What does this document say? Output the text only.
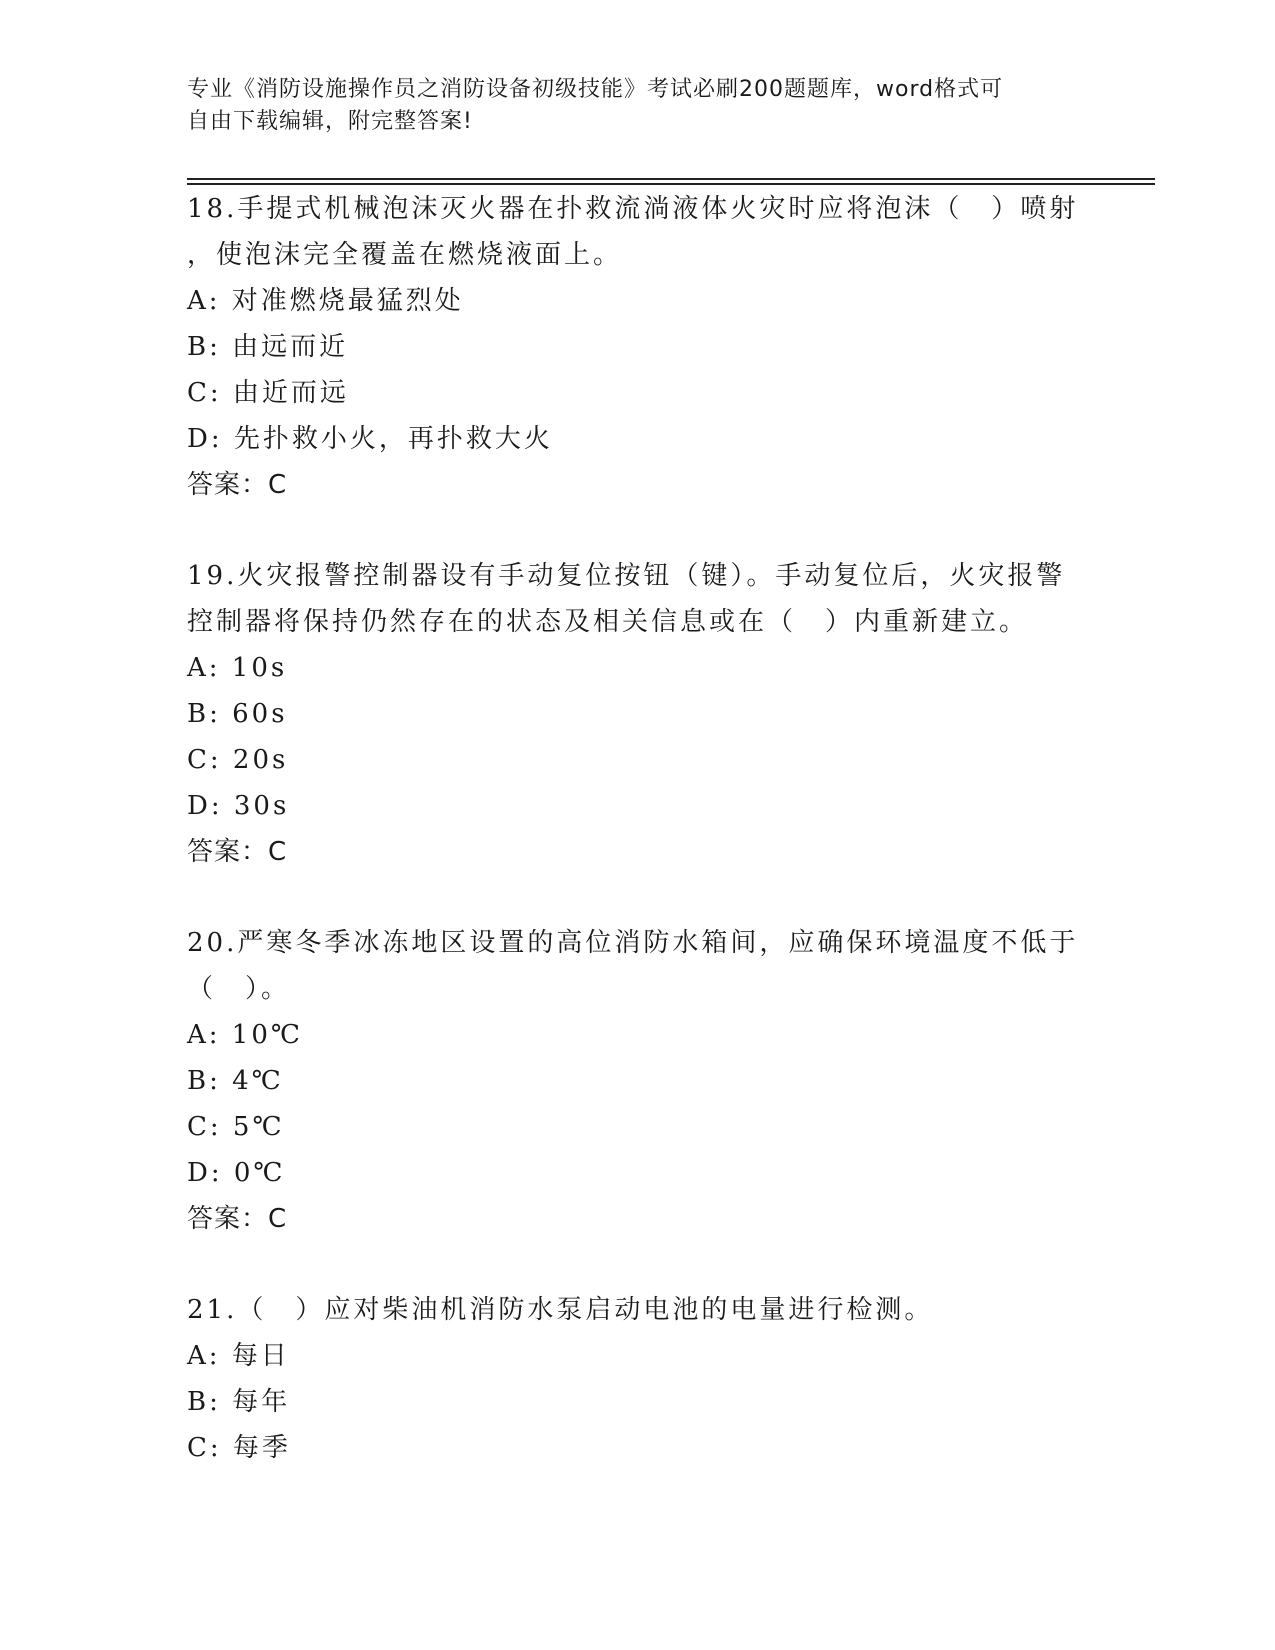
专业《消防设施操作员之消防设备初级技能》考试必刷200题题库，word格式可
自由下载编辑，附完整答案!

18.手提式机械泡沫灭火器在扑救流淌液体火灾时应将泡沫（　）喷射

，使泡沫完全覆盖在燃烧液面上。

A: 对准燃烧最猛烈处

B: 由远而近

C: 由近而远

D: 先扑救小火，再扑救大火

答案：C

19.火灾报警控制器设有手动复位按钮（键）。手动复位后，火灾报警

控制器将保持仍然存在的状态及相关信息或在（　）内重新建立。

A: 10s

B: 60s

C: 20s

D: 30s

答案：C

20.严寒冬季冰冻地区设置的高位消防水箱间，应确保环境温度不低于

（　）。

A: 10℃

B: 4℃

C: 5℃

D: 0℃

答案：C

21.（　）应对柴油机消防水泵启动电池的电量进行检测。

A: 每日

B: 每年

C: 每季
